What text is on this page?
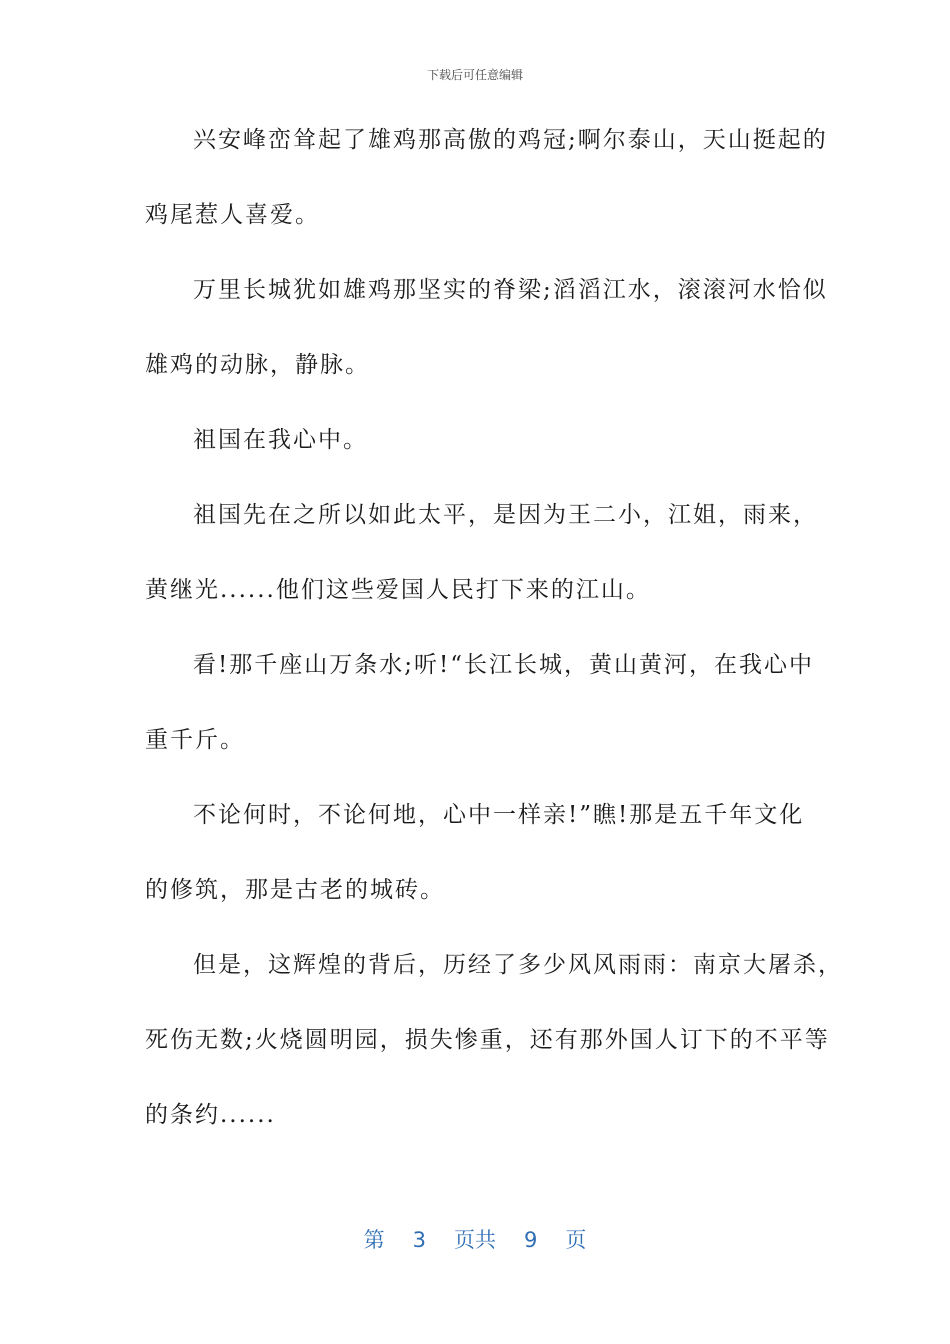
下载后可任意编辑
兴安峰峦耸起了雄鸡那高傲的鸡冠;啊尔泰山，天山挺起的
鸡尾惹人喜爱。
万里长城犹如雄鸡那坚实的脊梁;滔滔江水，滚滚河水恰似
雄鸡的动脉，静脉。
祖国在我心中。
祖国先在之所以如此太平，是因为王二小，江姐，雨来，
黄继光......他们这些爱国人民打下来的江山。
看!那千座山万条水;听!“长江长城，黄山黄河，在我心中
重千斤。
不论何时，不论何地，心中一样亲!”瞧!那是五千年文化
的修筑，那是古老的城砖。
但是，这辉煌的背后，历经了多少风风雨雨：南京大屠杀，
死伤无数;火烧圆明园，损失惨重，还有那外国人订下的不平等
的条约......
第 3 页共 9 页
